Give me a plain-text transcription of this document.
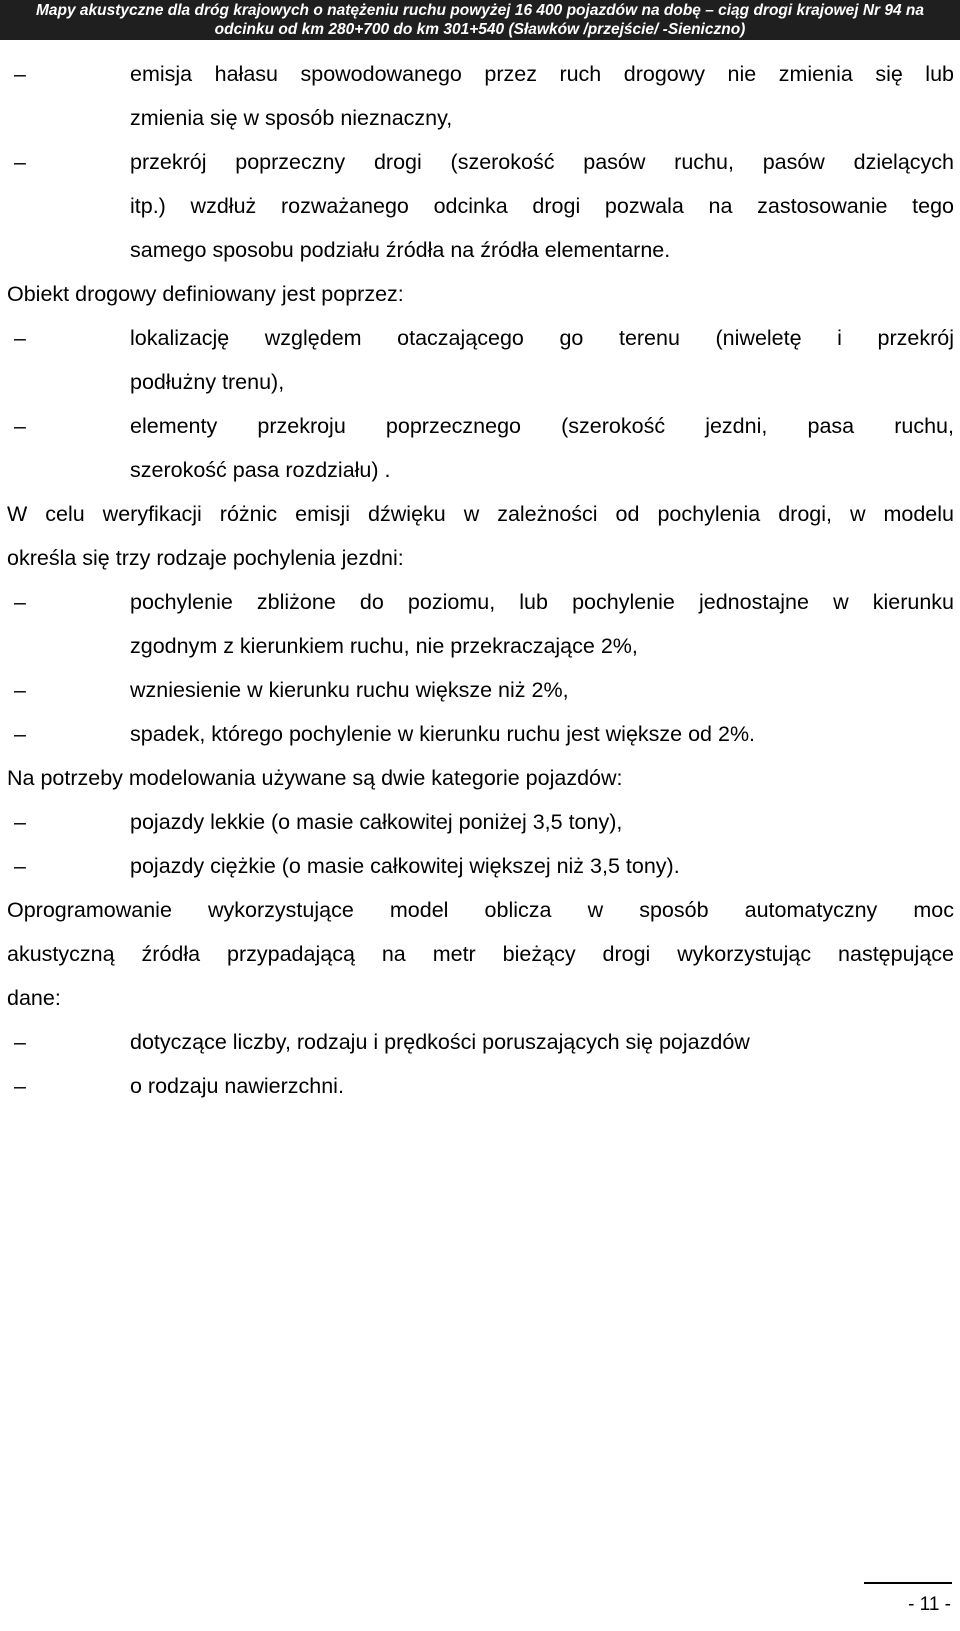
Mapy akustyczne dla dróg krajowych o natężeniu ruchu powyżej 16 400 pojazdów na dobę – ciąg drogi krajowej Nr 94 na
odcinku od km 280+700 do km 301+540 (Sławków /przejście/ -Sieniczno)
–	emisja hałasu spowodowanego przez ruch drogowy nie zmienia się lub
zmienia się w sposób nieznaczny,
–	przekrój poprzeczny drogi (szerokość pasów ruchu, pasów dzielących
itp.) wzdłuż rozważanego odcinka drogi pozwala na zastosowanie tego
samego sposobu podziału źródła na źródła elementarne.
Obiekt drogowy definiowany jest poprzez:
–	lokalizację względem otaczającego go terenu (niweletę i przekrój
podłużny trenu),
–	elementy przekroju poprzecznego (szerokość jezdni, pasa ruchu,
szerokość pasa rozdziału) .
W celu weryfikacji różnic emisji dźwięku w zależności od pochylenia drogi, w modelu
określa się trzy rodzaje pochylenia jezdni:
–	pochylenie zbliżone do poziomu, lub pochylenie jednostajne w kierunku
zgodnym z kierunkiem ruchu, nie przekraczające 2%,
–	wzniesienie w kierunku ruchu większe niż 2%,
–	spadek, którego pochylenie w kierunku ruchu jest większe od 2%.
Na potrzeby modelowania używane są dwie kategorie pojazdów:
–	pojazdy lekkie (o masie całkowitej poniżej 3,5 tony),
–	pojazdy ciężkie (o masie całkowitej większej niż 3,5 tony).
Oprogramowanie wykorzystujące model oblicza w sposób automatyczny moc
akustyczną źródła przypadającą na metr bieżący drogi wykorzystując następujące
dane:
–	dotyczące liczby, rodzaju i prędkości poruszających się pojazdów
–	o rodzaju nawierzchni.
- 11 -
